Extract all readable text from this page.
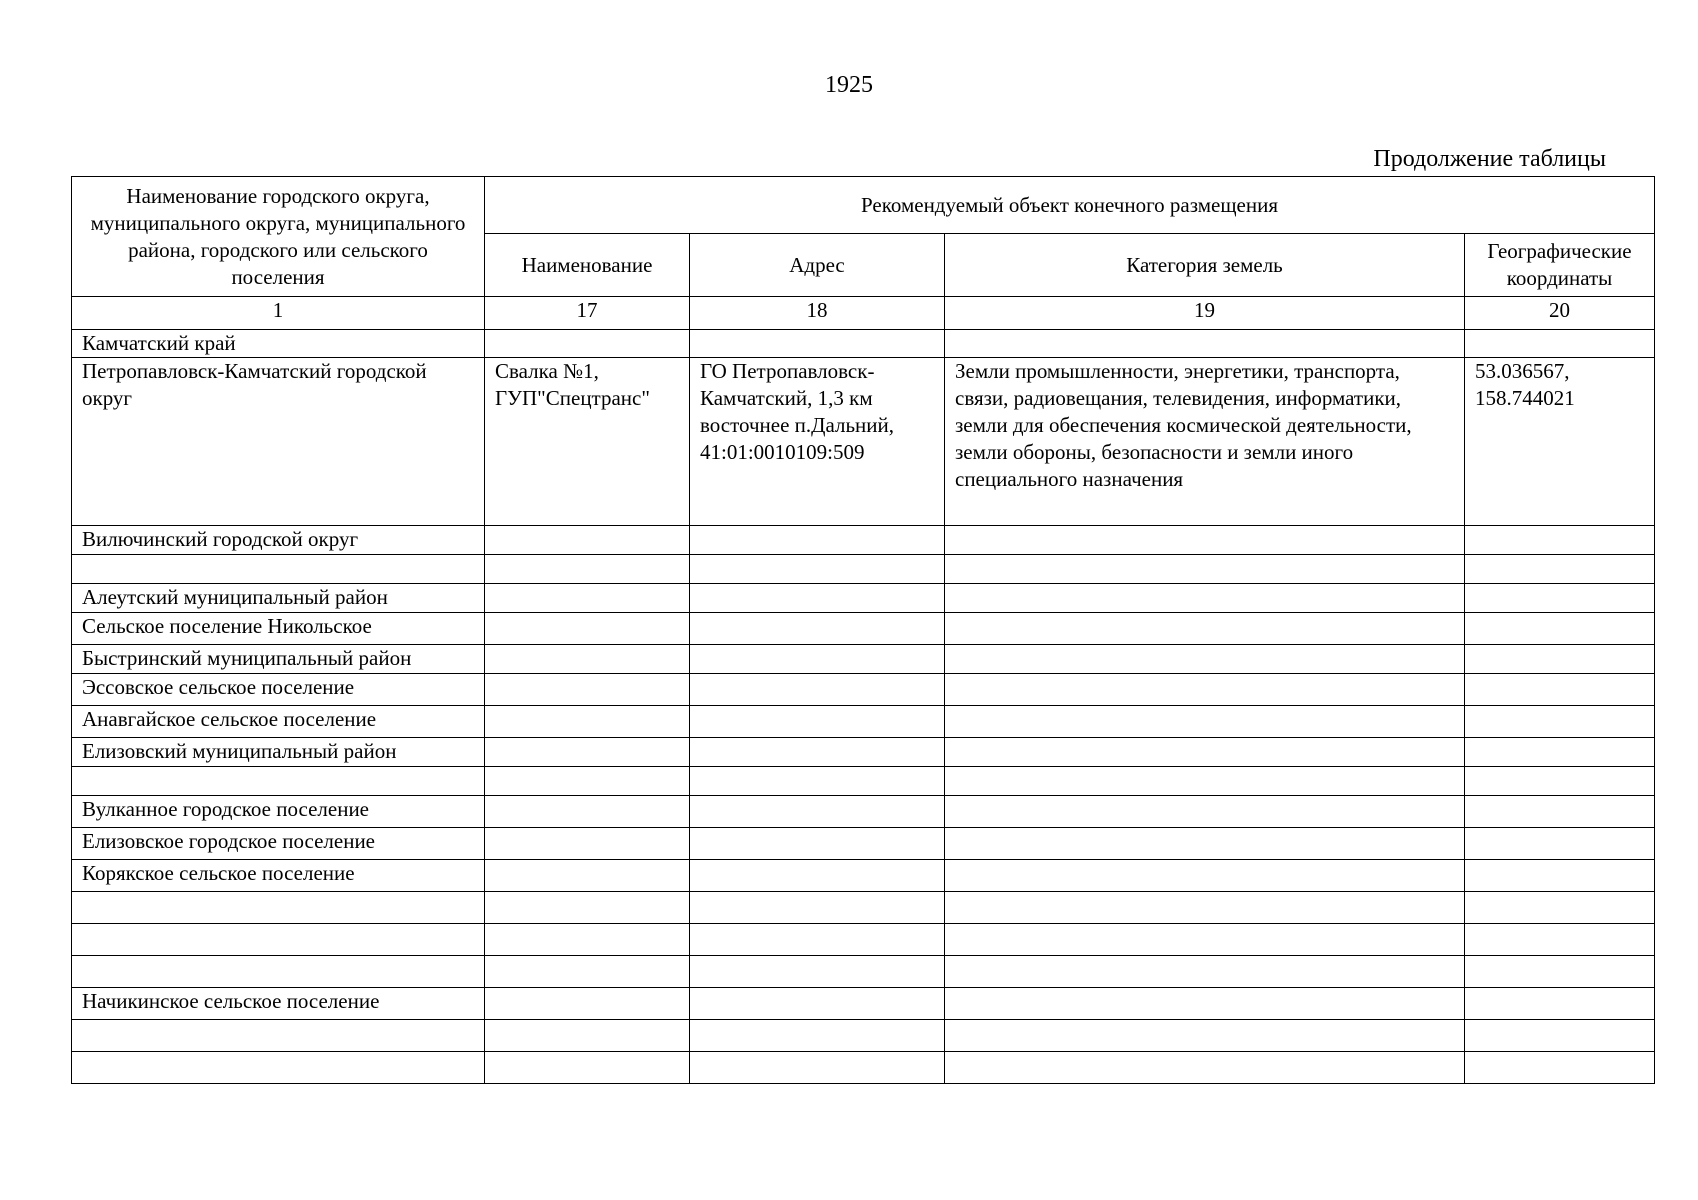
1925
Продолжение таблицы
Наименование городского округа, муниципального округа, муниципального района, городского или сельского поселения	Рекомендуемый объект конечного размещения			
	Наименование	Адрес	Категория земель	Географические координаты
1	17	18	19	20
Камчатский край				
Петропавловск-Камчатский городской округ	Свалка №1, ГУП"Спецтранс"	ГО Петропавловск-Камчатский, 1,3 км восточнее п.Дальний, 41:01:0010109:509	Земли промышленности, энергетики, транспорта, связи, радиовещания, телевидения, информатики, земли для обеспечения космической деятельности, земли обороны, безопасности и земли иного специального назначения	53.036567, 158.744021
Вилючинский городской округ				

Алеутский муниципальный район				
Сельское поселение Никольское				
Быстринский муниципальный район				
Эссовское сельское поселение				
Анавгайское сельское поселение				
Елизовский муниципальный район				

Вулканное городское поселение				
Елизовское городское поселение				
Корякское сельское поселение				

Начикинское сельское поселение				
